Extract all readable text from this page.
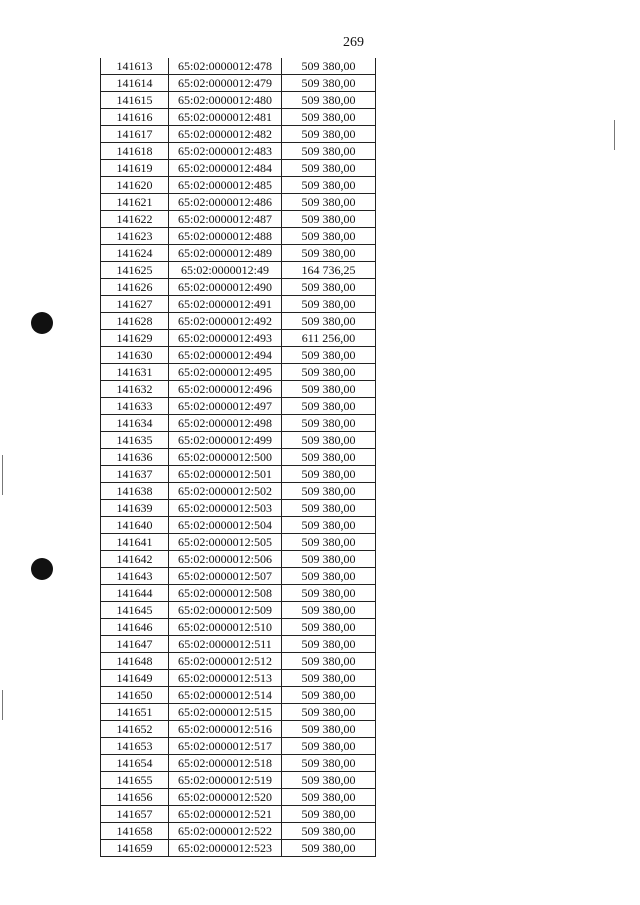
269
141613	65:02:0000012:478	509 380,00
141614	65:02:0000012:479	509 380,00
141615	65:02:0000012:480	509 380,00
141616	65:02:0000012:481	509 380,00
141617	65:02:0000012:482	509 380,00
141618	65:02:0000012:483	509 380,00
141619	65:02:0000012:484	509 380,00
141620	65:02:0000012:485	509 380,00
141621	65:02:0000012:486	509 380,00
141622	65:02:0000012:487	509 380,00
141623	65:02:0000012:488	509 380,00
141624	65:02:0000012:489	509 380,00
141625	65:02:0000012:49	164 736,25
141626	65:02:0000012:490	509 380,00
141627	65:02:0000012:491	509 380,00
141628	65:02:0000012:492	509 380,00
141629	65:02:0000012:493	611 256,00
141630	65:02:0000012:494	509 380,00
141631	65:02:0000012:495	509 380,00
141632	65:02:0000012:496	509 380,00
141633	65:02:0000012:497	509 380,00
141634	65:02:0000012:498	509 380,00
141635	65:02:0000012:499	509 380,00
141636	65:02:0000012:500	509 380,00
141637	65:02:0000012:501	509 380,00
141638	65:02:0000012:502	509 380,00
141639	65:02:0000012:503	509 380,00
141640	65:02:0000012:504	509 380,00
141641	65:02:0000012:505	509 380,00
141642	65:02:0000012:506	509 380,00
141643	65:02:0000012:507	509 380,00
141644	65:02:0000012:508	509 380,00
141645	65:02:0000012:509	509 380,00
141646	65:02:0000012:510	509 380,00
141647	65:02:0000012:511	509 380,00
141648	65:02:0000012:512	509 380,00
141649	65:02:0000012:513	509 380,00
141650	65:02:0000012:514	509 380,00
141651	65:02:0000012:515	509 380,00
141652	65:02:0000012:516	509 380,00
141653	65:02:0000012:517	509 380,00
141654	65:02:0000012:518	509 380,00
141655	65:02:0000012:519	509 380,00
141656	65:02:0000012:520	509 380,00
141657	65:02:0000012:521	509 380,00
141658	65:02:0000012:522	509 380,00
141659	65:02:0000012:523	509 380,00
